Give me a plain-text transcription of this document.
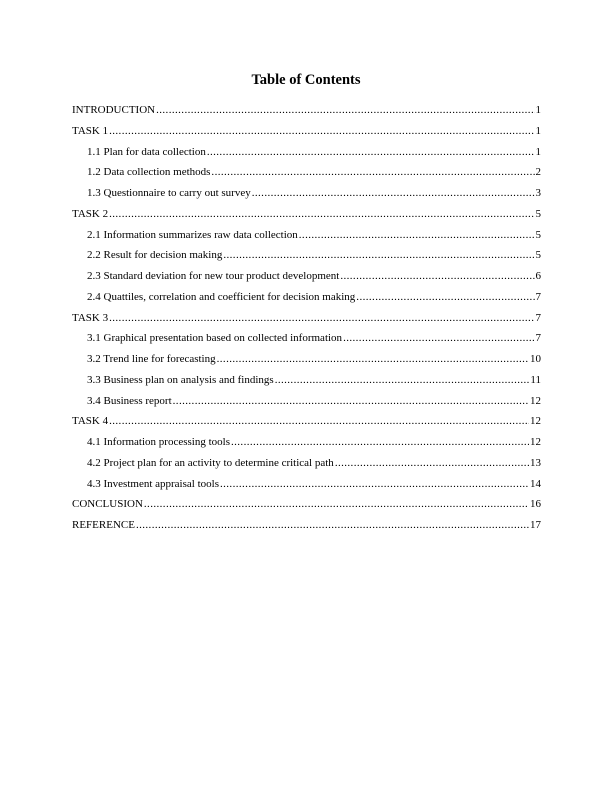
Table of Contents
INTRODUCTION .....	1
TASK 1 .....	1
1.1 Plan for data collection .....	1
1.2 Data collection methods .....	2
1.3 Questionnaire to carry out survey .....	3
TASK 2 .....	5
2.1 Information summarizes raw data collection .....	5
2.2 Result for decision making .....	5
2.3 Standard deviation for new tour product development .....	6
2.4 Quattiles, correlation and coefficient for decision making .....	7
TASK 3 .....	7
3.1 Graphical presentation based on collected information .....	7
3.2 Trend line for forecasting .....	10
3.3 Business plan on analysis and findings .....	11
3.4 Business report .....	12
TASK 4 .....	12
4.1 Information processing tools .....	12
4.2 Project plan for an activity to determine critical path .....	13
4.3 Investment appraisal tools .....	14
CONCLUSION .....	16
REFERENCE .....	17
